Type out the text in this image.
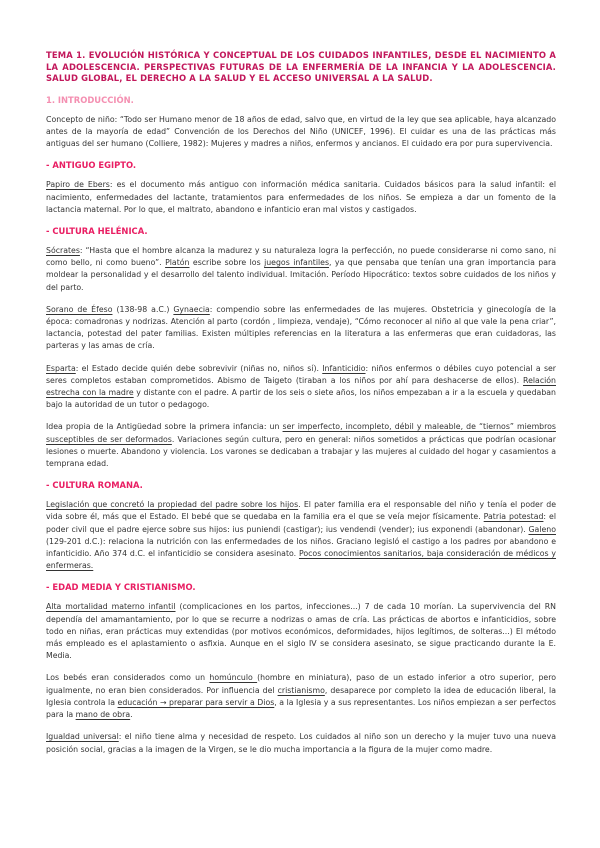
TEMA 1. EVOLUCIÓN HISTÓRICA Y CONCEPTUAL DE LOS CUIDADOS INFANTILES, DESDE EL NACIMIENTO A LA ADOLESCENCIA. PERSPECTIVAS FUTURAS DE LA ENFERMERÍA DE LA INFANCIA Y LA ADOLESCENCIA. SALUD GLOBAL, EL DERECHO A LA SALUD Y EL ACCESO UNIVERSAL A LA SALUD.
1. INTRODUCCIÓN.

Concepto de niño: “Todo ser Humano menor de 18 años de edad, salvo que, en virtud de la ley que sea aplicable, haya alcanzado antes de la mayoría de edad” Convención de los Derechos del Niño (UNICEF, 1996). El cuidar es una de las prácticas más antiguas del ser humano (Colliere, 1982): Mujeres y madres a niños, enfermos y ancianos. El cuidado era por pura supervivencia.

- ANTIGUO EGIPTO.

Papiro de Ebers: es el documento más antiguo con información médica sanitaria. Cuidados básicos para la salud infantil: el nacimiento, enfermedades del lactante, tratamientos para enfermedades de los niños. Se empieza a dar un fomento de la lactancia maternal. Por lo que, el maltrato, abandono e infanticio eran mal vistos y castigados.

- CULTURA HELÉNICA.

Sócrates: “Hasta que el hombre alcanza la madurez y su naturaleza logra la perfección, no puede considerarse ni como sano, ni como bello, ni como bueno”. Platón escribe sobre los juegos infantiles, ya que pensaba que tenían una gran importancia para moldear la personalidad y el desarrollo del talento individual. Imitación. Período Hipocrático: textos sobre cuidados de los niños y del parto.

Sorano de Éfeso (138-98 a.C.) Gynaecia: compendio sobre las enfermedades de las mujeres. Obstetricia y ginecología de la época: comadronas y nodrizas. Atención al parto (cordón , limpieza, vendaje), “Cómo reconocer al niño al que vale la pena criar”, lactancia, potestad del pater familias. Existen múltiples referencias en la literatura a las enfermeras que eran cuidadoras, las parteras y las amas de cría.

Esparta: el Estado decide quién debe sobrevivir (niñas no, niños sí). Infanticidio: niños enfermos o débiles cuyo potencial a ser seres completos estaban comprometidos. Abismo de Taigeto (tiraban a los niños por ahí para deshacerse de ellos). Relación estrecha con la madre y distante con el padre. A partir de los seis o siete años, los niños empezaban a ir a la escuela y quedaban bajo la autoridad de un tutor o pedagogo.

Idea propia de la Antigüedad sobre la primera infancia: un ser imperfecto, incompleto, débil y maleable, de “tiernos” miembros susceptibles de ser deformados. Variaciones según cultura, pero en general: niños sometidos a prácticas que podrían ocasionar lesiones o muerte. Abandono y violencia. Los varones se dedicaban a trabajar y las mujeres al cuidado del hogar y casamientos a temprana edad.

- CULTURA ROMANA.

Legislación que concretó la propiedad del padre sobre los hijos. El pater familia era el responsable del niño y tenía el poder de vida sobre él, más que el Estado. El bebé que se quedaba en la familia era el que se veía mejor físicamente. Patria potestad: el poder civil que el padre ejerce sobre sus hijos: ius puniendi (castigar); ius vendendi (vender); ius exponendi (abandonar). Galeno (129-201 d.C.): relaciona la nutrición con las enfermedades de los niños. Graciano legisló el castigo a los padres por abandono e infanticidio. Año 374 d.C. el infanticidio se considera asesinato. Pocos conocimientos sanitarios, baja consideración de médicos y enfermeras.

- EDAD MEDIA Y CRISTIANISMO.

Alta mortalidad materno infantil (complicaciones en los partos, infecciones...) 7 de cada 10 morían. La supervivencia del RN dependía del amamantamiento, por lo que se recurre a nodrizas o amas de cría. Las prácticas de abortos e infanticidios, sobre todo en niñas, eran prácticas muy extendidas (por motivos económicos, deformidades, hijos legítimos, de solteras...) El método más empleado es el aplastamiento o asfixia. Aunque en el siglo IV se considera asesinato, se sigue practicando durante la E. Media.

Los bebés eran considerados como un homúnculo (hombre en miniatura), paso de un estado inferior a otro superior, pero igualmente, no eran bien considerados. Por influencia del cristianismo, desaparece por completo la idea de educación liberal, la Iglesia controla la educación → preparar para servir a Dios, a la Iglesia y a sus representantes. Los niños empiezan a ser perfectos para la mano de obra.

Igualdad universal: el niño tiene alma y necesidad de respeto. Los cuidados al niño son un derecho y la mujer tuvo una nueva posición social, gracias a la imagen de la Virgen, se le dio mucha importancia a la figura de la mujer como madre.
